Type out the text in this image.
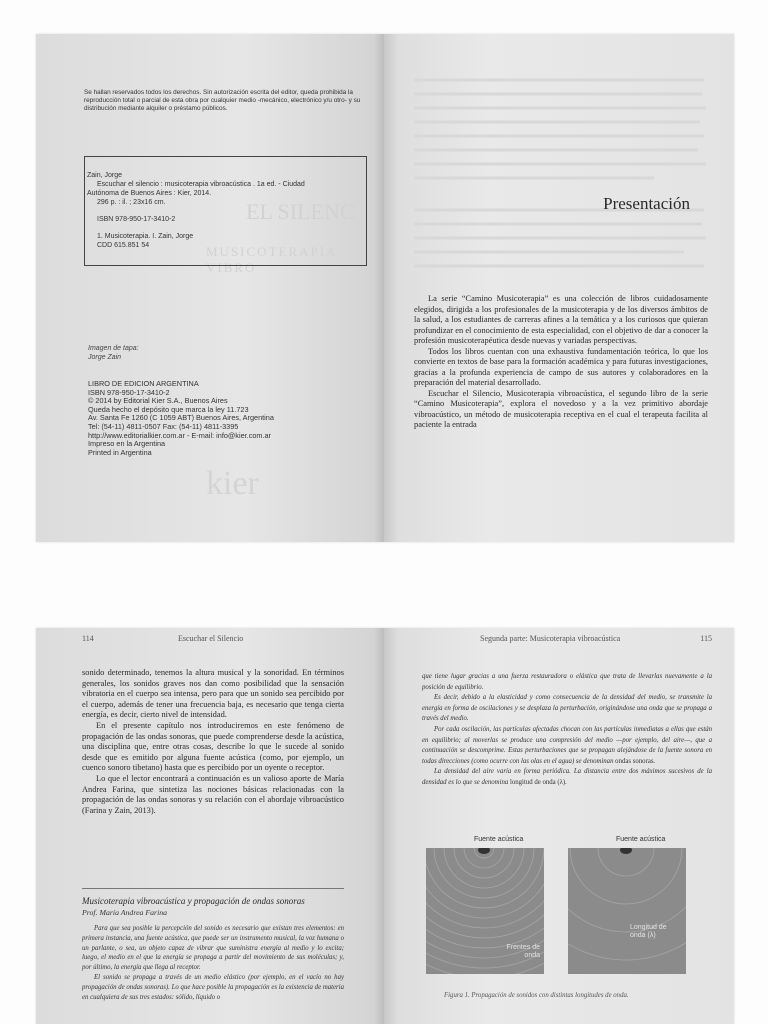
EL SILENC
MUSICOTERAPIA VIBRO
kier

Se hallan reservados todos los derechos. Sin autorización escrita del editor, queda prohibida la reproducción total o parcial de esta obra por cualquier medio -mecánico, electrónico y/u otro- y su distribución mediante alquiler o préstamo públicos.

Zain, Jorge
Escuchar el silencio : musicoterapia vibroacústica . 1a ed. - Ciudad
Autónoma de Buenos Aires : Kier, 2014.
296 p. : il. ; 23x16 cm.
ISBN 978-950-17-3410-2
1. Musicoterapia. I. Zain, Jorge
CDD 615.851 54
Imagen de tapa:
Jorge Zain
LIBRO DE EDICION ARGENTINA
ISBN 978-950-17-3410-2
© 2014 by Editorial Kier S.A., Buenos Aires
Queda hecho el depósito que marca la ley 11.723
Av. Santa Fe 1260 (C 1059 ABT) Buenos Aires, Argentina
Tel: (54-11) 4811-0507 Fax: (54-11) 4811-3395
http://www.editorialkier.com.ar - E-mail: info@kier.com.ar
Impreso en la Argentina
Printed in Argentina
Presentación

La serie “Camino Musicoterapia” es una colección de libros cuidadosamente elegidos, dirigida a los profesionales de la musicoterapia y de los diversos ámbitos de la salud, a los estudiantes de carreras afines a la temática y a los curiosos que quieran profundizar en el conocimiento de esta especialidad, con el objetivo de dar a conocer la profesión musicoterapéutica desde nuevas y variadas perspectivas.

Todos los libros cuentan con una exhaustiva fundamentación teórica, lo que los convierte en textos de base para la formación académica y para futuras investigaciones, gracias a la profunda experiencia de campo de sus autores y colaboradores en la preparación del material desarrollado.

Escuchar el Silencio, Musicoterapia vibroacústica, el segundo libro de la serie “Camino Musicoterapia”, explora el novedoso y a la vez primitivo abordaje vibroacústico, un método de musicoterapia receptiva en el cual el terapeuta facilita al paciente la entrada

114	Escuchar el Silencio

sonido determinado, tenemos la altura musical y la sonoridad. En términos generales, los sonidos graves nos dan como posibilidad que la sensación vibratoria en el cuerpo sea intensa, pero para que un sonido sea percibido por el cuerpo, además de tener una frecuencia baja, es necesario que tenga cierta energía, es decir, cierto nivel de intensidad.

En el presente capítulo nos introduciremos en este fenómeno de propagación de las ondas sonoras, que puede comprenderse desde la acústica, una disciplina que, entre otras cosas, describe lo que le sucede al sonido desde que es emitido por alguna fuente acústica (como, por ejemplo, un cuenco sonoro tibetano) hasta que es percibido por un oyente o receptor.

Lo que el lector encontrará a continuación es un valioso aporte de María Andrea Farina, que sintetiza las nociones básicas relacionadas con la propagación de las ondas sonoras y su relación con el abordaje vibroacústico (Farina y Zain, 2013).

Musicoterapia vibroacústica y propagación de ondas sonoras
Prof. María Andrea Farina

Para que sea posible la percepción del sonido es necesario que existan tres elementos: en primera instancia, una fuente acústica, que puede ser un instrumento musical, la voz humana o un parlante, o sea, un objeto capaz de vibrar que suministra energía al medio y lo excita; luego, el medio en el que la energía se propaga a partir del movimiento de sus moléculas; y, por último, la energía que llega al receptor.

El sonido se propaga a través de un medio elástico (por ejemplo, en el vacío no hay propagación de ondas sonoras). Lo que hace posible la propagación es la existencia de materia en cualquiera de sus tres estados: sólido, líquido o

Segunda parte: Musicoterapia vibroacústica	115

que tiene lugar gracias a una fuerza restauradora o elástica que trata de llevarlas nuevamente a la posición de equilibrio.

Es decir, debido a la elasticidad y como consecuencia de la densidad del medio, se transmite la energía en forma de oscilaciones y se desplaza la perturbación, originándose una onda que se propaga a través del medio.

Por cada oscilación, las partículas afectadas chocan con las partículas inmediatas a ellas que están en equilibrio; al moverlas se produce una compresión del medio —por ejemplo, del aire—, que a continuación se descomprime. Estas perturbaciones que se propagan alejándose de la fuente sonora en todas direcciones (como ocurre con las olas en el agua) se denominan ondas sonoras.

La densidad del aire varía en forma periódica. La distancia entre dos máximos sucesivos de la densidad es lo que se denomina longitud de onda (λ).

Fuente acústica	Fuente acústica
Frentes de onda
Longitud de onda (λ)
Figura 1. Propagación de sonidos con distintas longitudes de onda.
